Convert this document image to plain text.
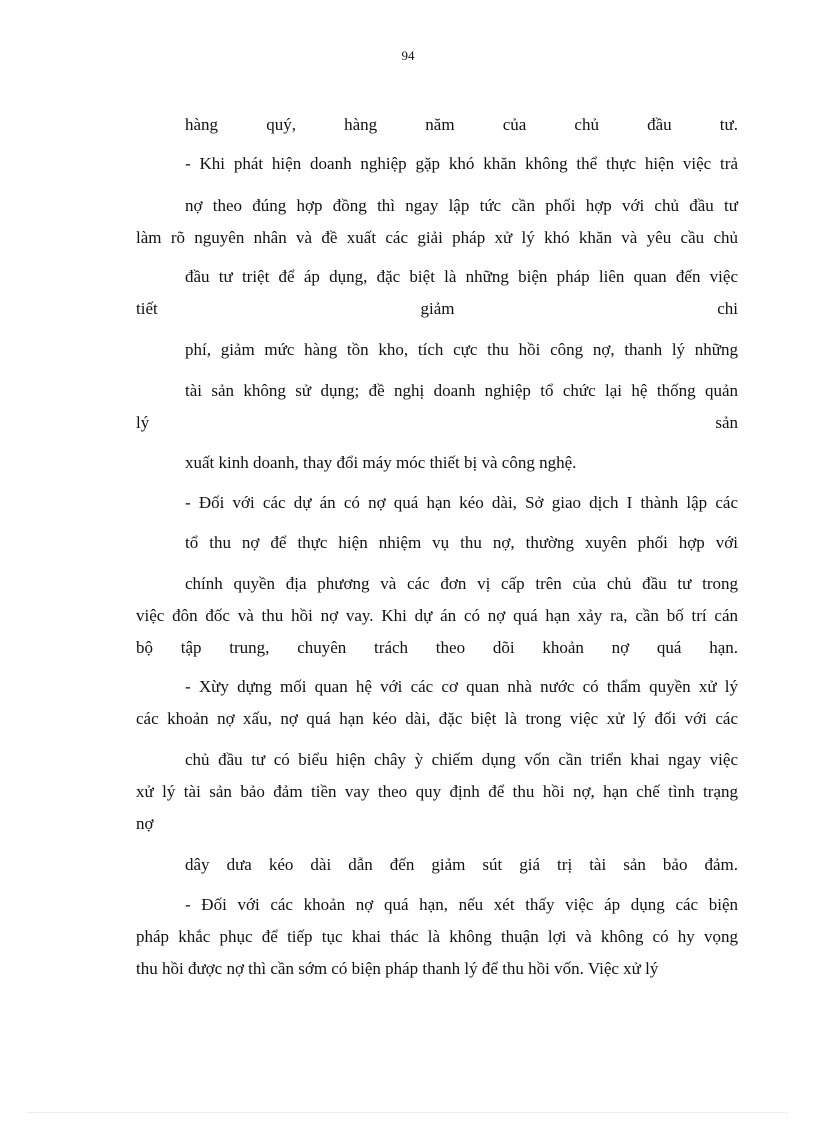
94
hàng quý, hàng năm của chủ đầu tư.
- Khi phát hiện doanh nghiệp gặp khó khăn không thể thực hiện việc trả
nợ theo đúng hợp đồng thì ngay lập tức cần phối hợp với chủ đầu tư
làm rõ nguyên nhân và đề xuất các giải pháp xử lý khó khăn và yêu cầu chủ
đầu tư triệt để áp dụng, đặc biệt là những biện pháp liên quan đến việc
tiết giảm chi
phí, giảm mức hàng tồn kho, tích cực thu hồi công nợ, thanh lý những
tài sản không sử dụng; đề nghị doanh nghiệp tổ chức lại hệ thống quản
lý	sản
xuất kinh doanh, thay đổi máy móc thiết bị và công nghệ.
- Đối với các dự án có nợ quá hạn kéo dài, Sở giao dịch I thành lập các
tổ thu nợ để thực hiện nhiệm vụ thu nợ, thường xuyên phối hợp với
chính quyền địa phương và các đơn vị cấp trên của chủ đầu tư trong
việc đôn đốc và thu hồi nợ vay. Khi dự án có nợ quá hạn xảy ra, cần bố trí cán
bộ tập trung, chuyên trách theo dõi khoản nợ quá hạn.
- Xừy dựng mối quan hệ với các cơ quan nhà nước có thẩm quyền xử lý
các khoản nợ xấu, nợ quá hạn kéo dài, đặc biệt là trong việc xử lý đối với các
chủ đầu tư có biểu hiện chây ỳ chiếm dụng vốn cần triển khai ngay việc
xử lý tài sản bảo đảm tiền vay theo quy định để thu hồi nợ, hạn chế tình trạng
nợ
dây dưa kéo dài dẫn đến giảm sút giá trị tài sản bảo đảm.
- Đối với các khoản nợ quá hạn, nếu xét thấy việc áp dụng các biện
pháp khắc phục để tiếp tục khai thác là không thuận lợi và không có hy vọng
thu hồi được nợ thì cần sớm có biện pháp thanh lý để thu hồi vốn. Việc xử lý
